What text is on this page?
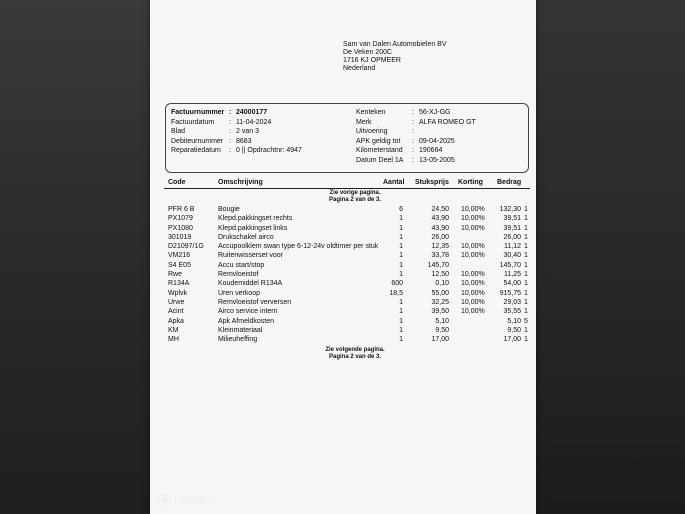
Sam van Dalen Automobielen BV
De Veken 200C
1716 KJ OPMEER
Nederland
Factuurnummer : 24000177
Factuurdatum	: 11-04-2024
Blad	: 2 van 3
Debiteurnummer : 8683
Reparatiedatum	: 0 || Opdrachtnr: 4947
Kenteken	: 56-XJ-GG
Merk	: ALFA ROMEO GT
Uitvoering	:
APK geldig tot	: 09-04-2025
Kilometerstand	: 190664
Datum Deel 1A	: 13-05-2005
Code	Omschrijving	Aantal Stuksprijs Korting Bedrag
Zie vorige pagina.
Pagina 2 van de 3.
PFR 6 B	Bougie	6	24,50 10,00%	132,30 1
PX1079	Klepd.pakkingset rechts	1	43,90 10,00%	39,51 1
PX1080	Klepd.pakkingset links	1	43,90 10,00%	39,51 1
301019	Drukschakel airco	1	26,00	26,00 1
D21097/1G Accupoolklem swan type 6-12-24v oldtimer per stuk	1	12,35 10,00%	11,12 1
VM216	Ruitenwisserset voor	1	33,78 10,00%	30,40 1
S4 E05	Accu start/stop	1	145,70	145,70 1
Rwe	Remvloeistof	1	12,50 10,00%	11,25 1
R134A	Koudemiddel R134A	600	0,10 10,00%	54,00 1
Wplvk	Uren verkoop	18,5	55,00 10,00%	915,75 1
Urwe	Remvloeistof verversen	1	32,25 10,00%	29,03 1
Acint	Airco service intern	1	39,50 10,00%	35,55 1
Apka	Apk Afmeldkosten	1	5,10	5,10 5
KM	Kleinmateriaal	1	9,50	9,50 1
MH	Milieuheffing	1	17,00	17,00 1
Zie volgende pagina.
Pagina 2 van de 3.
mobilox
